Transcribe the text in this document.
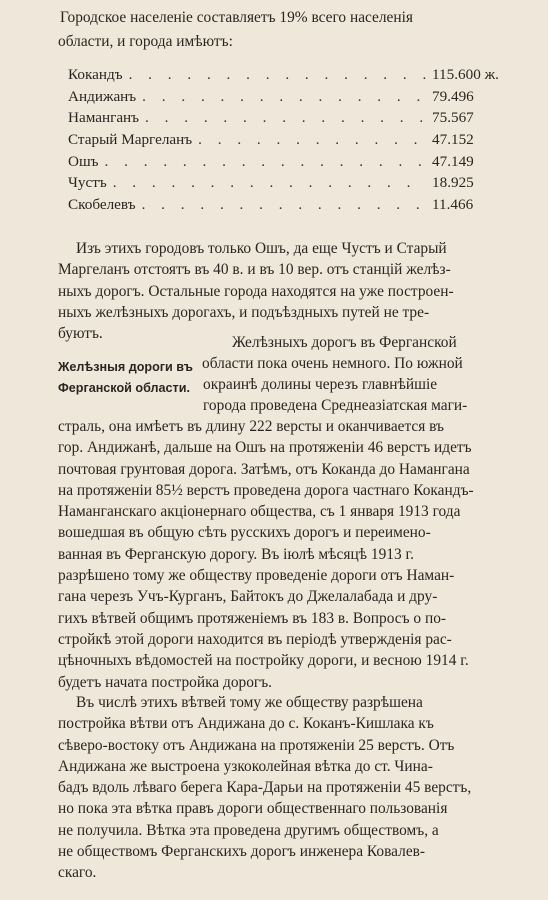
Городское населеніе составляетъ 19% всего населенія
области, и города имѣютъ:
Кокандъ . . .	115.600 ж.
Андижанъ . . .	79.496
Наманганъ . . .	75.567
Старый Маргеланъ . . .	47.152
Ошъ . . .	47.149
Чустъ . . .	18.925
Скобелевъ . . .	11.466
Изъ этихъ городовъ только Ошъ, да еще Чустъ и Старый
Маргеланъ отстоятъ въ 40 в. и въ 10 вер. отъ станцій желѣз-
ныхъ дорогъ. Остальные города находятся на уже построен-
ныхъ желѣзныхъ дорогахъ, и подъѣздныхъ путей не тре-
буютъ.
Желѣзныхъ дорогъ въ Ферганской
области пока очень немного. По южной
Желѣзныя дороги въ
Ферганской области. окраинѣ долины черезъ главнѣйшіе
города проведена Среднеазіатская маги-
страль, она имѣетъ въ длину 222 версты и оканчивается въ
гор. Андижанѣ, дальше на Ошъ на протяженіи 46 верстъ идетъ
почтовая грунтовая дорога. Затѣмъ, отъ Коканда до Намангана
на протяженіи 85½ верстъ проведена дорога частнаго Кокандъ-
Наманганскаго акціонернаго общества, съ 1 января 1913 года
вошедшая въ общую сѣть русскихъ дорогъ и переимено-
ванная въ Ферганскую дорогу. Въ іюлѣ мѣсяцѣ 1913 г.
разрѣшено тому же обществу проведеніе дороги отъ Наман-
гана черезъ Учъ-Курганъ, Байтокъ до Джелалабада и дру-
гихъ вѣтвей общимъ протяженіемъ въ 183 в. Вопросъ о по-
стройкѣ этой дороги находится въ періодѣ утвержденія рас-
цѣночныхъ вѣдомостей на постройку дороги, и весною 1914 г.
будетъ начата постройка дорогъ.
Въ числѣ этихъ вѣтвей тому же обществу разрѣшена
постройка вѣтви отъ Андижана до с. Коканъ-Кишлака къ
сѣверо-востоку отъ Андижана на протяженіи 25 верстъ. Отъ
Андижана же выстроена узкоколейная вѣтка до ст. Чина-
бадъ вдоль лѣваго берега Кара-Дарьи на протяженіи 45 верстъ,
но пока эта вѣтка правъ дороги общественнаго пользованія
не получила. Вѣтка эта проведена другимъ обществомъ, а
не обществомъ Ферганскихъ дорогъ инженера Ковалев-
скаго.
